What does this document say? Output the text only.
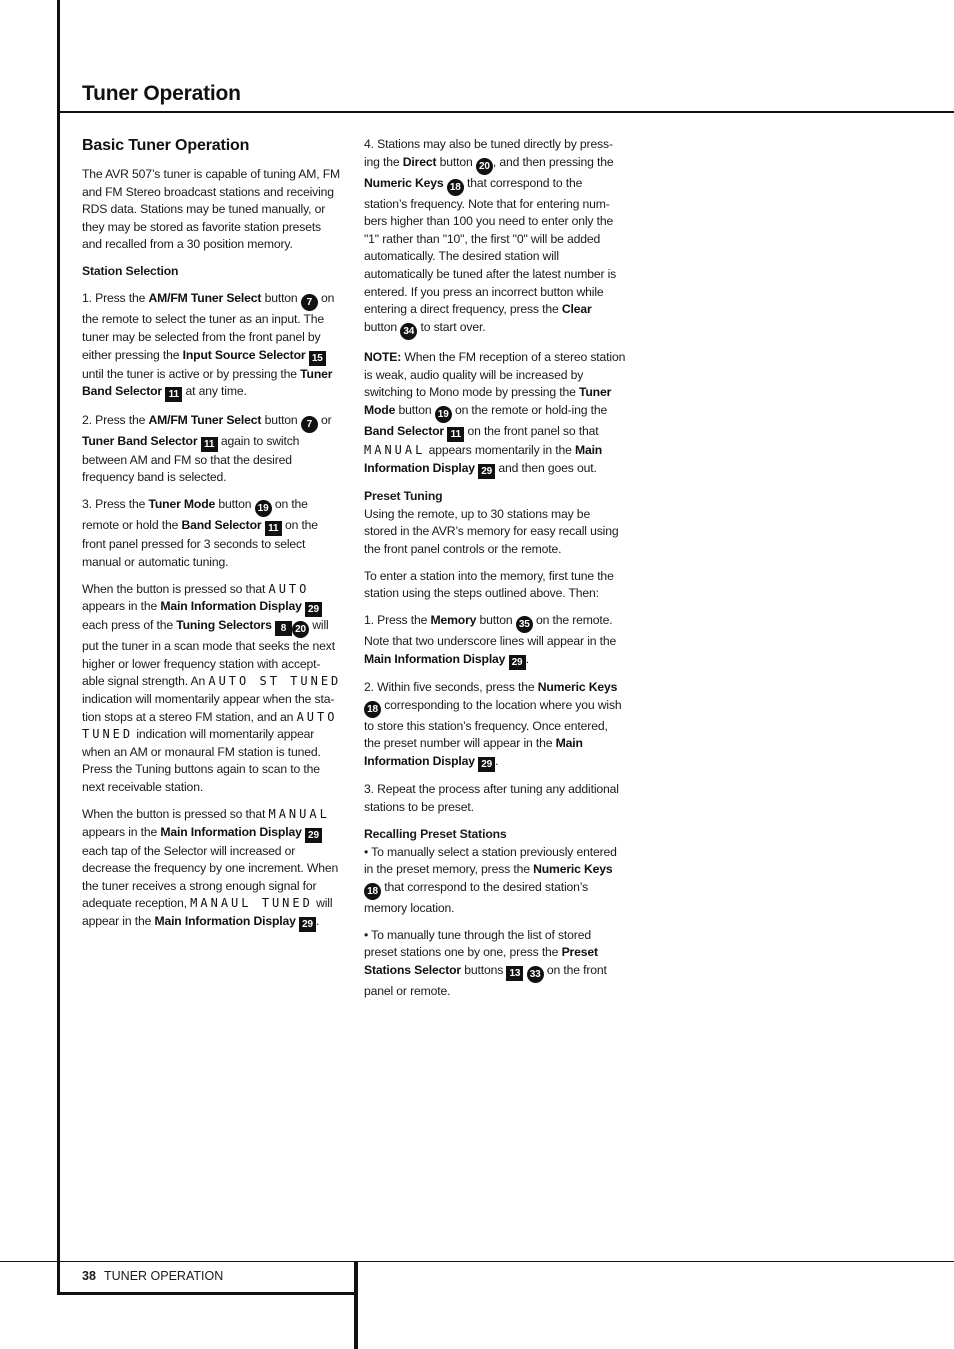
Tuner Operation
Basic Tuner Operation

The AVR 507’s tuner is capable of tuning AM, FM and FM Stereo broadcast stations and receiving RDS data. Stations may be tuned manually, or they may be stored as favorite station presets and recalled from a 30 position memory.

Station Selection

1. Press the AM/FM Tuner Select button 7 on the remote to select the tuner as an input. The tuner may be selected from the front panel by either pressing the Input Source Selector 15 until the tuner is active or by pressing the Tuner Band Selector 11 at any time.

2. Press the AM/FM Tuner Select button 7 or Tuner Band Selector 11 again to switch between AM and FM so that the desired frequency band is selected.

3. Press the Tuner Mode button 19 on the remote or hold the Band Selector 11 on the front panel pressed for 3 seconds to select manual or automatic tuning.

When the button is pressed so that AUTO appears in the Main Information Display 29 each press of the Tuning Selectors 8 20 will put the tuner in a scan mode that seeks the next higher or lower frequency station with accept-able signal strength. An AUTO ST TUNED indication will momentarily appear when the sta-tion stops at a stereo FM station, and an AUTO TUNED indication will momentarily appear when an AM or monaural FM station is tuned. Press the Tuning buttons again to scan to the next receivable station.

When the button is pressed so that MANUAL appears in the Main Information Display 29 each tap of the Selector will increased or decrease the frequency by one increment. When the tuner receives a strong enough signal for adequate reception, MANAUL TUNED will appear in the Main Information Display 29 .

4. Stations may also be tuned directly by press-ing the Direct button 20 , and then pressing the Numeric Keys 18 that correspond to the station’s frequency. Note that for entering num-bers higher than 100 you need to enter only the "1" rather than "10", the first "0" will be added automatically. The desired station will automatically be tuned after the latest number is entered. If you press an incorrect button while entering a direct frequency, press the Clear button 34 to start over.

NOTE: When the FM reception of a stereo station is weak, audio quality will be increased by switching to Mono mode by pressing the Tuner Mode button 19 on the remote or hold-ing the Band Selector 11 on the front panel so that MANUAL appears momentarily in the Main Information Display 29 and then goes out.

Preset Tuning

Using the remote, up to 30 stations may be stored in the AVR’s memory for easy recall using the front panel controls or the remote.

To enter a station into the memory, first tune the station using the steps outlined above. Then:

1. Press the Memory button 35 on the remote. Note that two underscore lines will appear in the Main Information Display 29 .

2. Within five seconds, press the Numeric Keys 18 corresponding to the location where you wish to store this station’s frequency. Once entered, the preset number will appear in the Main Information Display 29 .

3. Repeat the process after tuning any additional stations to be preset.

Recalling Preset Stations

• To manually select a station previously entered in the preset memory, press the Numeric Keys 18 that correspond to the desired station’s memory location.

• To manually tune through the list of stored preset stations one by one, press the Preset Stations Selector buttons 13 33 on the front panel or remote.

38 TUNER OPERATION
